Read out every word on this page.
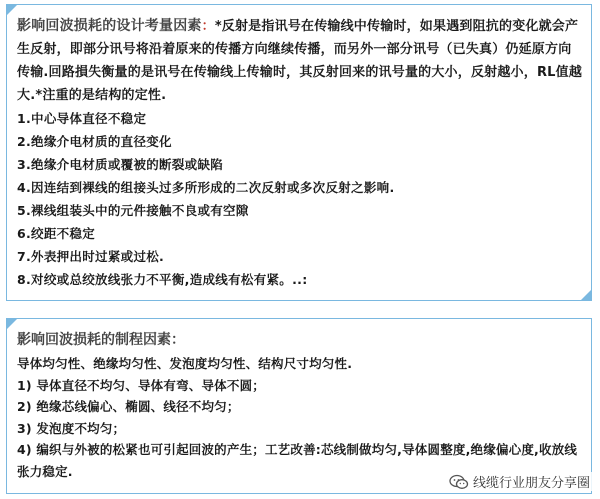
影响回波损耗的设计考量因素：*反射是指讯号在传输线中传输时，如果遇到阻抗的变化就会产生反射，即部分讯号将沿着原来的传播方向继续传播，而另外一部分讯号（已失真）仍延原方向传输.回路損失衡量的是讯号在传输线上传输时，其反射回来的讯号量的大小，反射越小，RL值越大.*注重的是结构的定性.

1.中心导体直径不稳定

2.绝缘介电材质的直径变化

3.绝缘介电材质或覆被的断裂或缺陷

4.因连结到裸线的组接头过多所形成的二次反射或多次反射之影响.

5.裸线组装头中的元件接触不良或有空隙

6.绞距不稳定

7.外表押出时过紧或过松.

8.对绞或总绞放线张力不平衡,造成线有松有紧。..:

影响回波损耗的制程因素：

导体均匀性、绝缘均匀性、发泡度均匀性、结构尺寸均匀性.

1) 导体直径不均匀、导体有弯、导体不圆；

2) 绝缘芯线偏心、椭圆、线径不均匀；

3) 发泡度不均匀；

4) 编织与外被的松紧也可引起回波的产生；工艺改善:芯线制做均匀,导体圆整度,绝缘偏心度,收放线张力稳定.

线缆行业朋友分享圈
